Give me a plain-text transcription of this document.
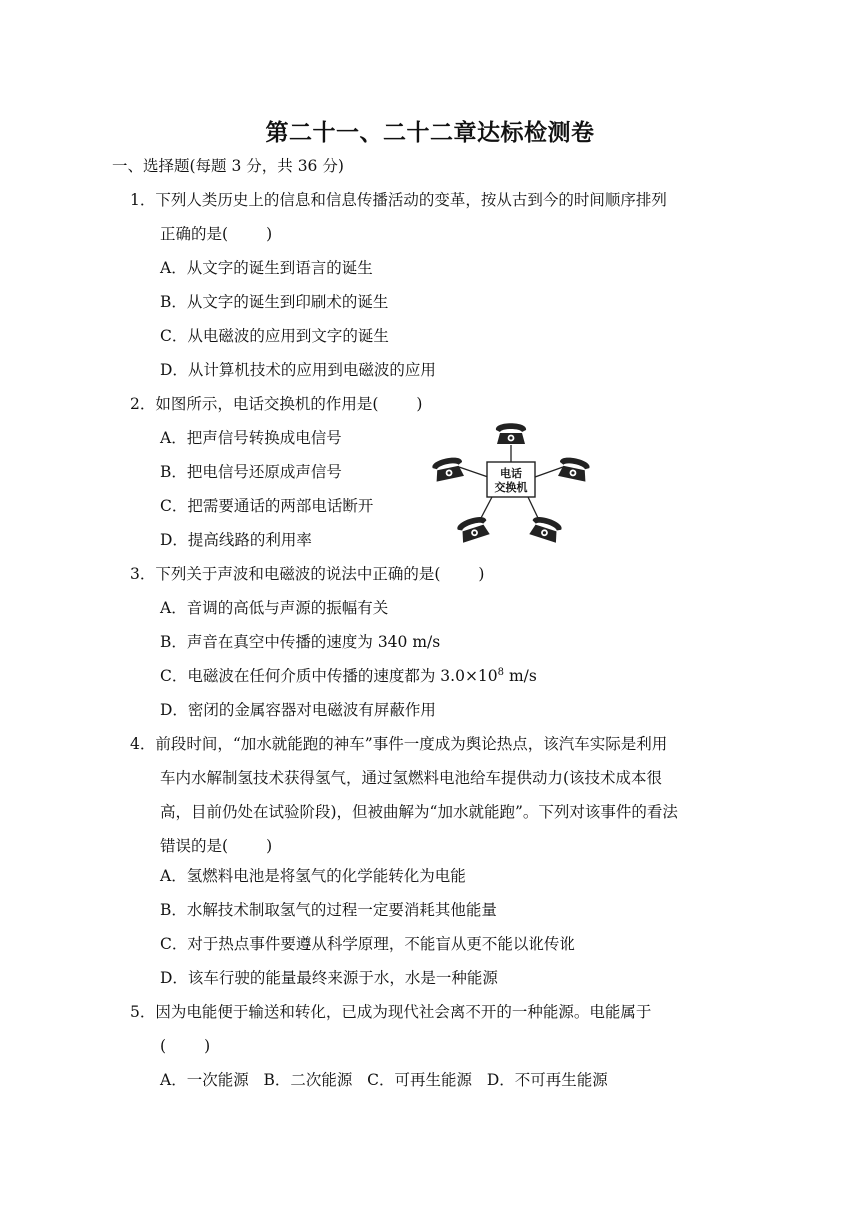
第二十一、二十二章达标检测卷
一、选择题(每题 3 分，共 36 分)
1．下列人类历史上的信息和信息传播活动的变革，按从古到今的时间顺序排列
正确的是( )
A．从文字的诞生到语言的诞生
B．从文字的诞生到印刷术的诞生
C．从电磁波的应用到文字的诞生
D．从计算机技术的应用到电磁波的应用
2．如图所示，电话交换机的作用是( )
A．把声信号转换成电信号
B．把电信号还原成声信号
C．把需要通话的两部电话断开
D．提高线路的利用率
电话
交换机
3．下列关于声波和电磁波的说法中正确的是( )
A．音调的高低与声源的振幅有关
B．声音在真空中传播的速度为 340 m/s
C．电磁波在任何介质中传播的速度都为 $3.0\times 10^8$ m/s
D．密闭的金属容器对电磁波有屏蔽作用
4．前段时间，“加水就能跑的神车”事件一度成为舆论热点，该汽车实际是利用
车内水解制氢技术获得氢气，通过氢燃料电池给车提供动力(该技术成本很
高，目前仍处在试验阶段)，但被曲解为“加水就能跑”。下列对该事件的看法
错误的是( )
A．氢燃料电池是将氢气的化学能转化为电能
B．水解技术制取氢气的过程一定要消耗其他能量
C．对于热点事件要遵从科学原理，不能盲从更不能以讹传讹
D．该车行驶的能量最终来源于水，水是一种能源
5．因为电能便于输送和转化，已成为现代社会离不开的一种能源。电能属于
( )
A．一次能源 B．二次能源 C．可再生能源 D．不可再生能源
